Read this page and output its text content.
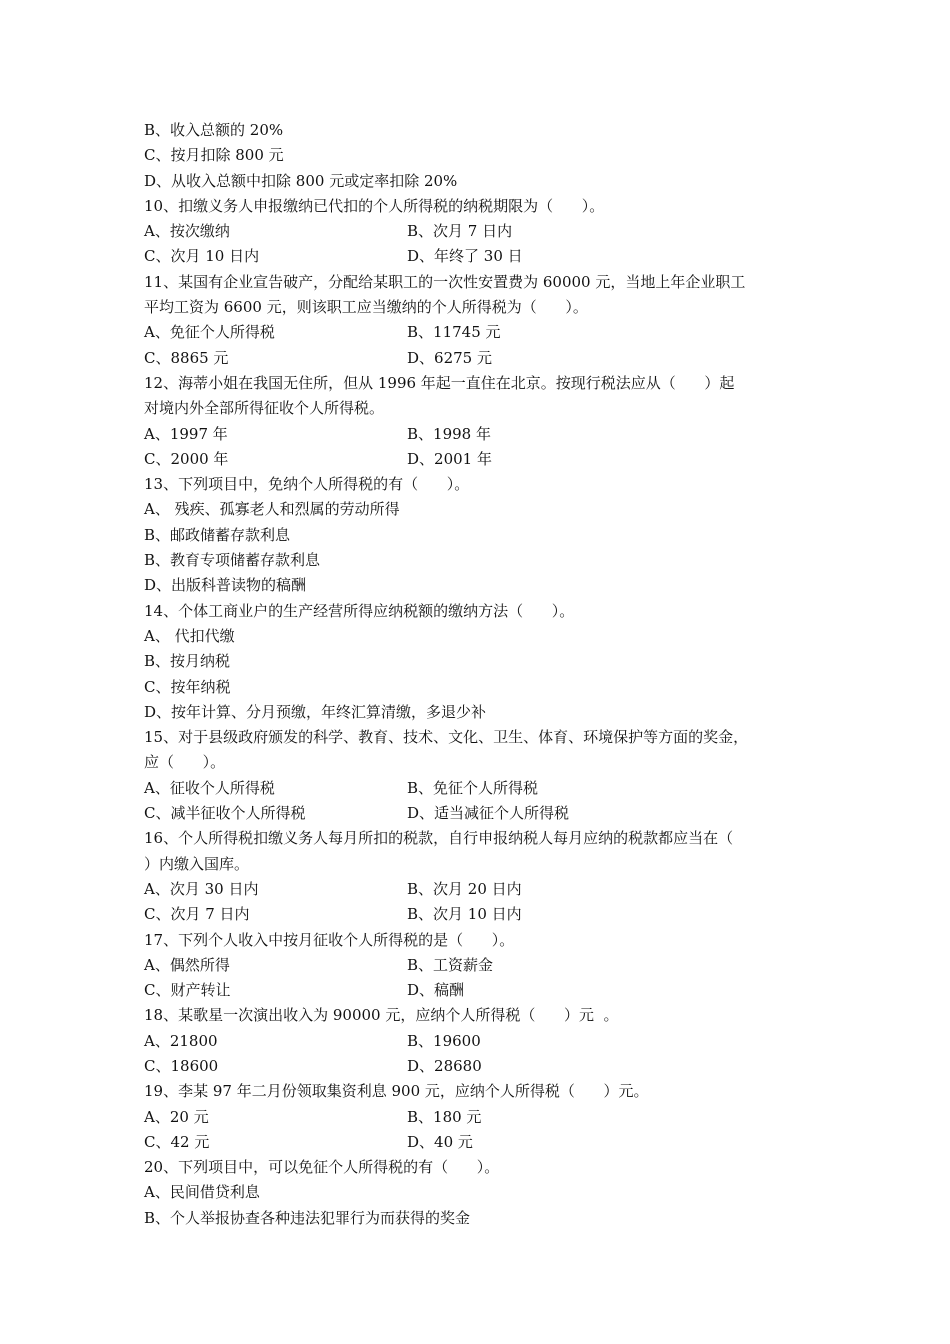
B、收入总额的 20%
C、按月扣除 800 元
D、从收入总额中扣除 800 元或定率扣除 20%
10、扣缴义务人申报缴纳已代扣的个人所得税的纳税期限为（      ）。
A、按次缴纳	B、次月 7 日内
C、次月 10 日内	D、年终了 30 日
11、某国有企业宣告破产，分配给某职工的一次性安置费为 60000 元，当地上年企业职工
平均工资为 6600 元，则该职工应当缴纳的个人所得税为（      ）。
A、免征个人所得税	B、11745 元
C、8865 元	D、6275 元
12、海蒂小姐在我国无住所，但从 1996 年起一直住在北京。按现行税法应从（      ）起
对境内外全部所得征收个人所得税。
A、1997 年	B、1998 年
C、2000 年	D、2001 年
13、下列项目中，免纳个人所得税的有（      ）。
A、 残疾、孤寡老人和烈属的劳动所得
B、邮政储蓄存款利息
B、教育专项储蓄存款利息
D、出版科普读物的稿酬
14、个体工商业户的生产经营所得应纳税额的缴纳方法（      ）。
A、 代扣代缴
B、按月纳税
C、按年纳税
D、按年计算、分月预缴，年终汇算清缴，多退少补
15、对于县级政府颁发的科学、教育、技术、文化、卫生、体育、环境保护等方面的奖金，
应（      ）。
A、征收个人所得税	B、免征个人所得税
C、减半征收个人所得税	D、适当减征个人所得税
16、个人所得税扣缴义务人每月所扣的税款，自行申报纳税人每月应纳的税款都应当在（
）内缴入国库。
A、次月 30 日内	B、次月 20 日内
C、次月 7 日内	B、次月 10 日内
17、下列个人收入中按月征收个人所得税的是（      ）。
A、偶然所得	B、工资薪金
C、财产转让	D、稿酬
18、某歌星一次演出收入为 90000 元，应纳个人所得税（      ）元  。
A、21800	B、19600
C、18600	D、28680
19、李某 97 年二月份领取集资利息 900 元，应纳个人所得税（      ）元。
A、20 元	B、180 元
C、42 元	D、40 元
20、下列项目中，可以免征个人所得税的有（      ）。
A、民间借贷利息
B、个人举报协查各种违法犯罪行为而获得的奖金
